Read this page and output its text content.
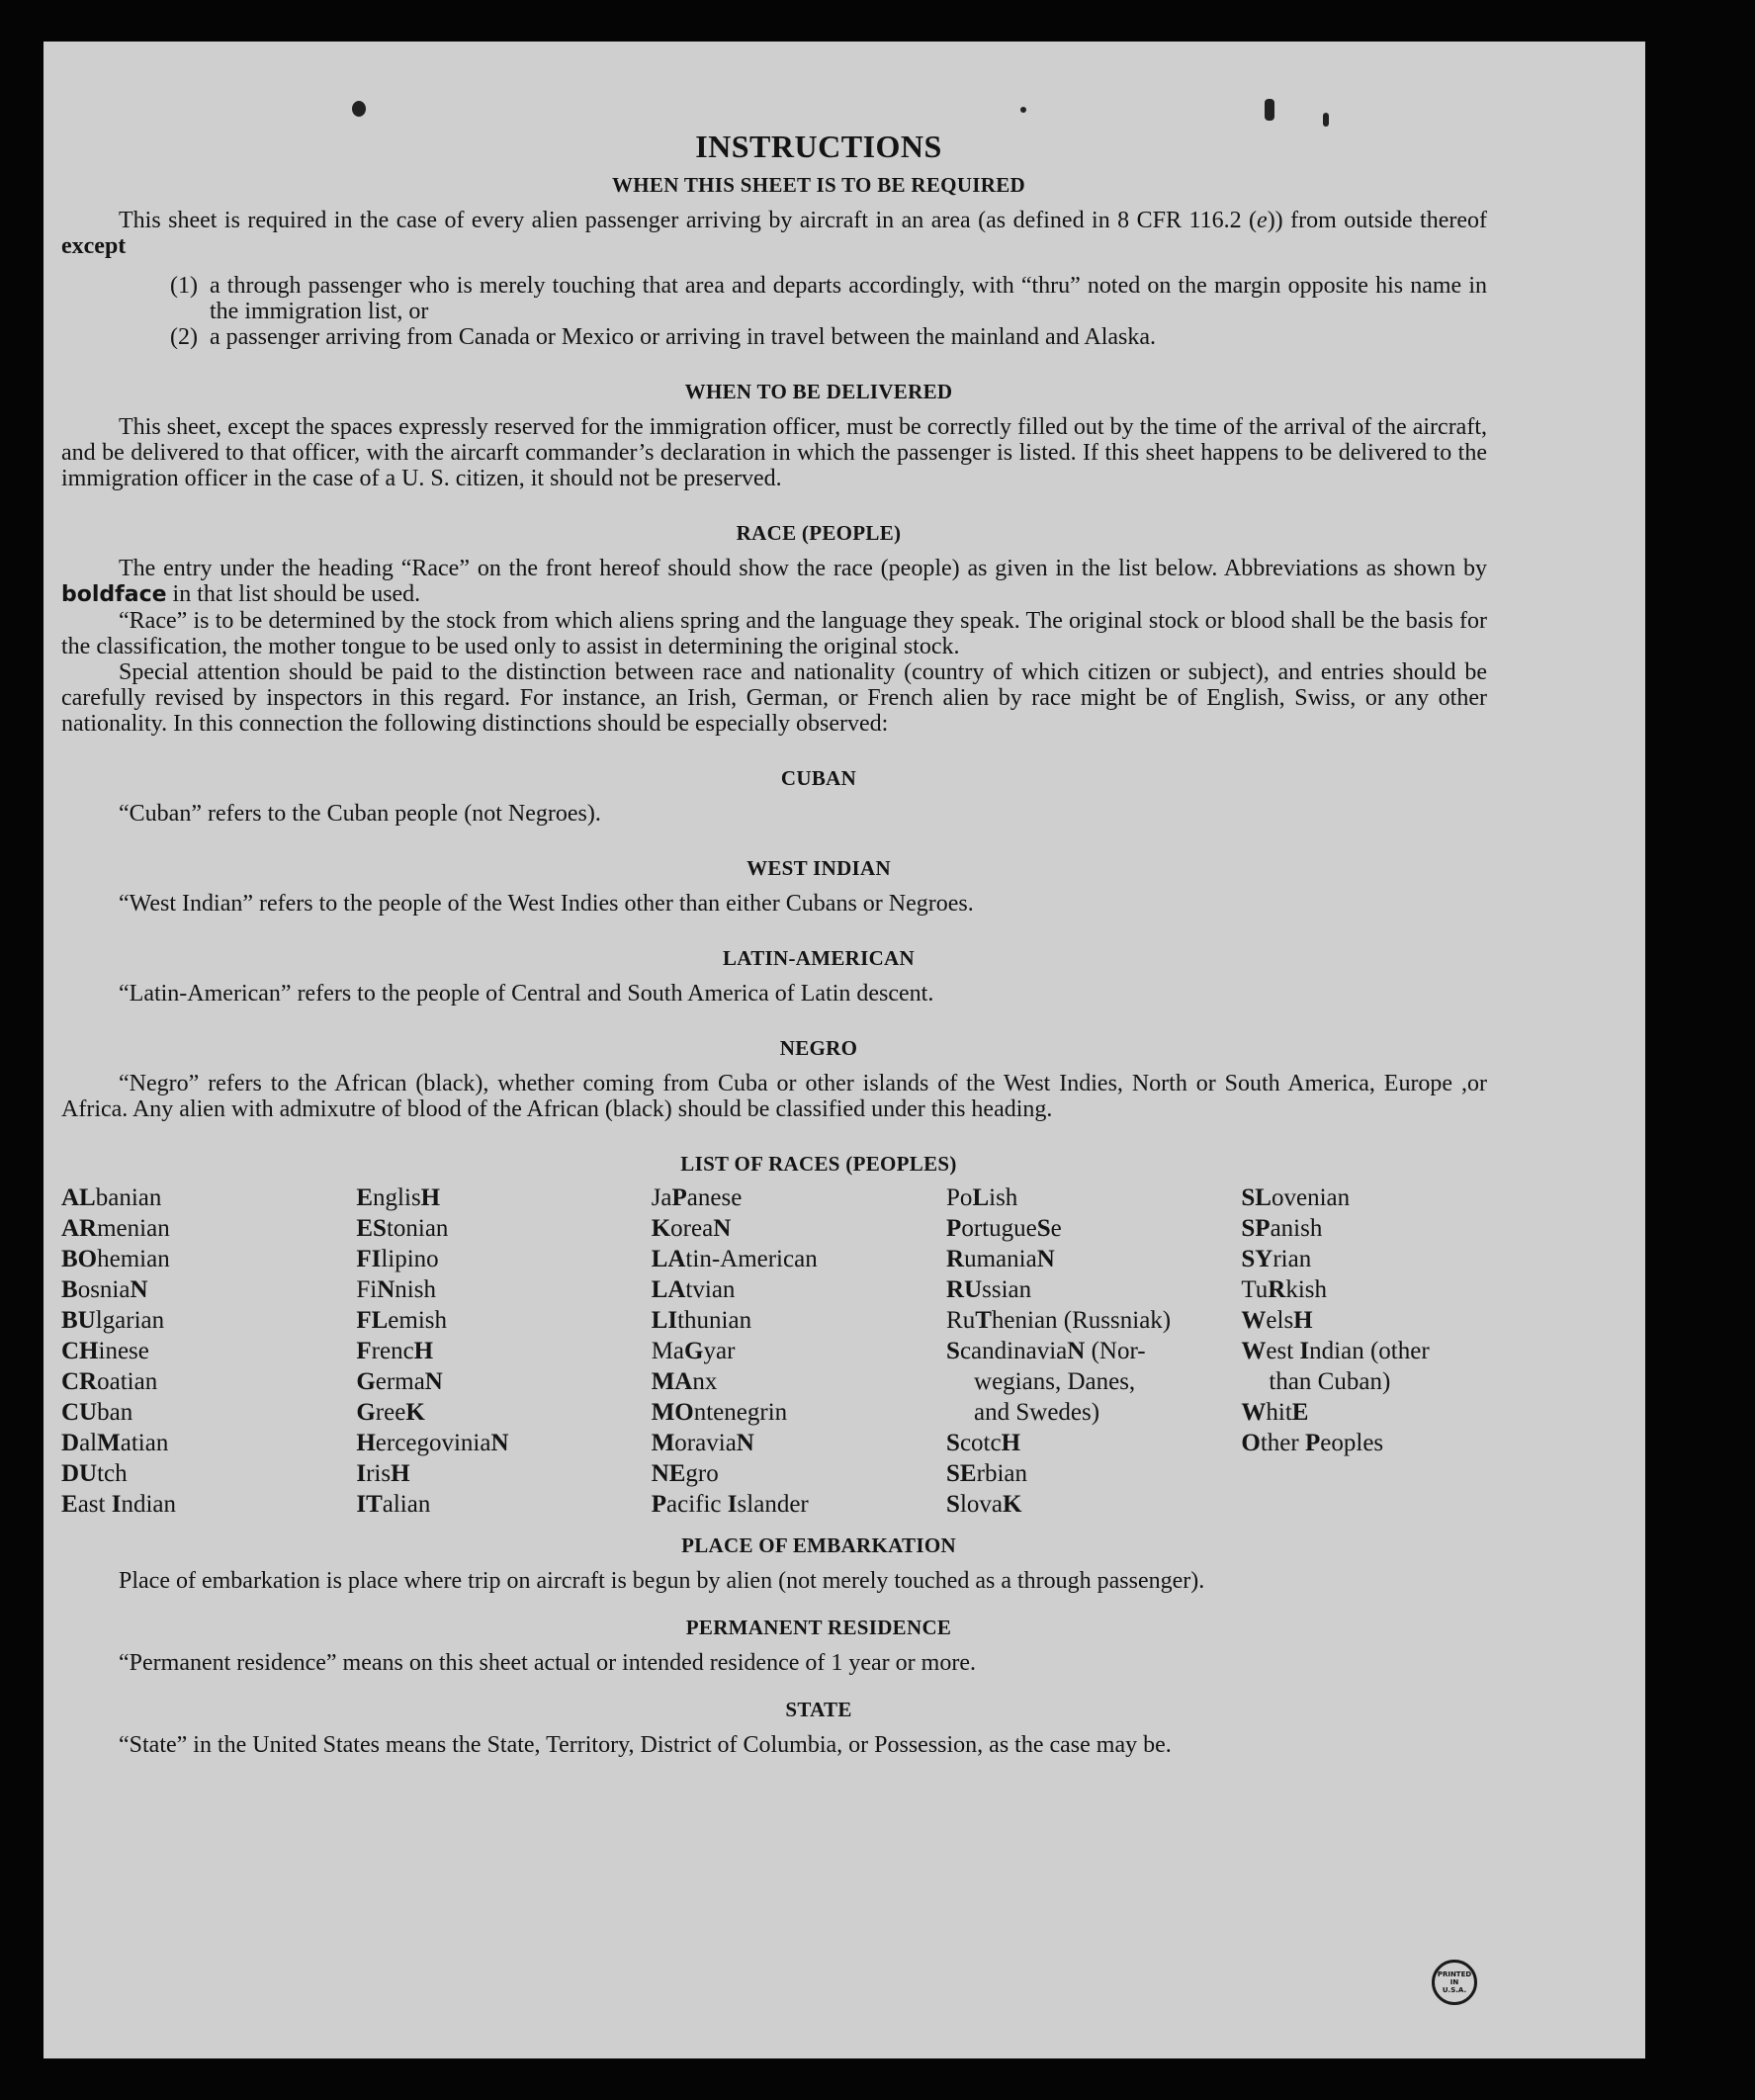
INSTRUCTIONS
WHEN THIS SHEET IS TO BE REQUIRED

This sheet is required in the case of every alien passenger arriving by aircraft in an area (as defined in 8 CFR 116.2 (e)) from outside thereof except

(1) a through passenger who is merely touching that area and departs accordingly, with “thru” noted on the margin opposite his name in the immigration list, or
(2) a passenger arriving from Canada or Mexico or arriving in travel between the mainland and Alaska.
WHEN TO BE DELIVERED

This sheet, except the spaces expressly reserved for the immigration officer, must be correctly filled out by the time of the arrival of the aircraft, and be delivered to that officer, with the aircarft commander’s declaration in which the passenger is listed. If this sheet happens to be delivered to the immigration officer in the case of a U. S. citizen, it should not be preserved.

RACE (PEOPLE)

The entry under the heading “Race” on the front hereof should show the race (people) as given in the list below. Abbreviations as shown by boldface in that list should be used.

“Race” is to be determined by the stock from which aliens spring and the language they speak. The original stock or blood shall be the basis for the classification, the mother tongue to be used only to assist in determining the original stock.

Special attention should be paid to the distinction between race and nationality (country of which citizen or subject), and entries should be carefully revised by inspectors in this regard. For instance, an Irish, German, or French alien by race might be of English, Swiss, or any other nationality. In this connection the following distinctions should be especially observed:

CUBAN

“Cuban” refers to the Cuban people (not Negroes).

WEST INDIAN

“West Indian” refers to the people of the West Indies other than either Cubans or Negroes.

LATIN-AMERICAN

“Latin-American” refers to the people of Central and South America of Latin descent.

NEGRO

“Negro” refers to the African (black), whether coming from Cuba or other islands of the West Indies, North or South America, Europe ,or Africa. Any alien with admixutre of blood of the African (black) should be classified under this heading.

LIST OF RACES (PEOPLES)
ALbanian
ARmenian
BOhemian
BosniaN
BUlgarian
CHinese
CRoatian
CUban
DalMatian
DUtch
East Indian
EnglisH
EStonian
FIlipino
FiNnish
FLemish
FrencH
GermaN
GreeK
HercegoviniaN
IrisH
ITalian
JaPanese
KoreaN
LAtin-American
LAtvian
LIthunian
MaGyar
MAnx
MOntenegrin
MoraviaN
NEgro
Pacific Islander
PoLish
PortugueSe
RumaniaN
RUssian
RuThenian (Russniak)
ScandinaviaN (Nor-
wegians, Danes,
and Swedes)
ScotcH
SErbian
SlovaK
SLovenian
SPanish
SYrian
TuRkish
WelsH
West Indian (other
than Cuban)
WhitE
Other Peoples
PLACE OF EMBARKATION

Place of embarkation is place where trip on aircraft is begun by alien (not merely touched as a through passenger).

PERMANENT RESIDENCE

“Permanent residence” means on this sheet actual or intended residence of 1 year or more.

STATE

“State” in the United States means the State, Territory, District of Columbia, or Possession, as the case may be.

PRINTED
IN
U.S.A.
